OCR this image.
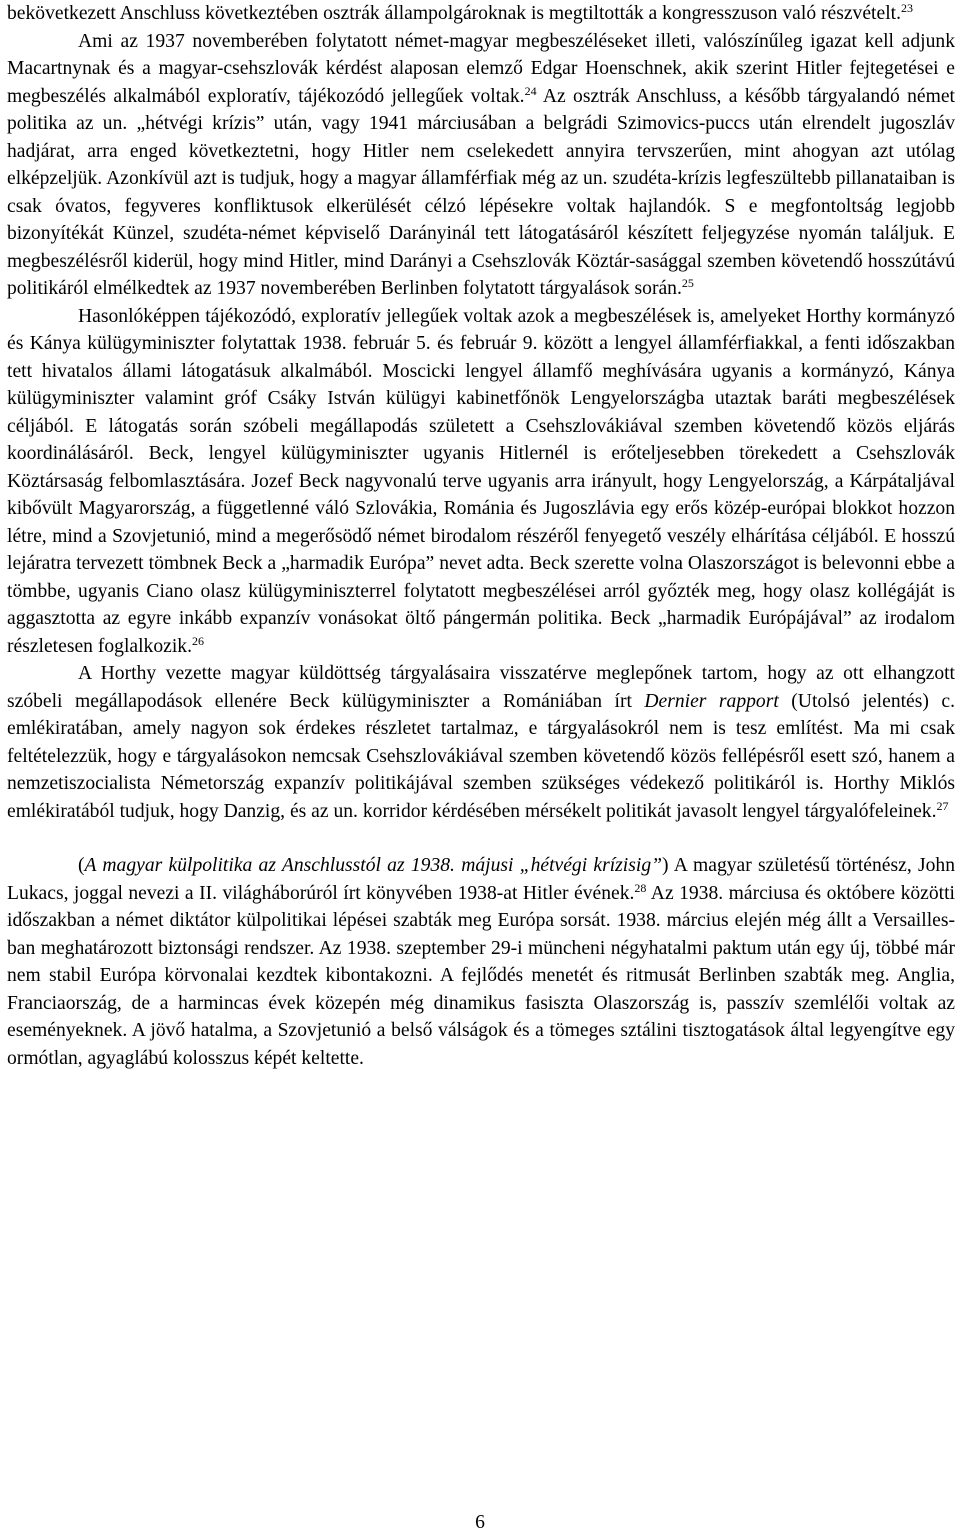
bekövetkezett Anschluss következtében osztrák állampolgároknak is megtiltották a kongresszuson való részvételt.$^{23}$

Ami az 1937 novemberében folytatott német-magyar megbeszéléseket illeti, valószínűleg igazat kell adjunk Macartnynak és a magyar-csehszlovák kérdést alaposan elemző Edgar Hoenschnek, akik szerint Hitler fejtegetései e megbeszélés alkalmából exploratív, tájékozódó jellegűek voltak.$^{24}$ Az osztrák Anschluss, a később tárgyalandó német politika az un. „hétvégi krízis” után, vagy 1941 márciusában a belgrádi Szimovics-puccs után elrendelt jugoszláv hadjárat, arra enged következtetni, hogy Hitler nem cselekedett annyira tervszerűen, mint ahogyan azt utólag elképzeljük. Azonkívül azt is tudjuk, hogy a magyar államférfiak még az un. szudéta-krízis legfeszültebb pillanataiban is csak óvatos, fegyveres konfliktusok elkerülését célzó lépésekre voltak hajlandók. S e megfontoltság legjobb bizonyítékát Künzel, szudéta-német képviselő Darányinál tett látogatásáról készített feljegyzése nyomán találjuk. E megbeszélésről kiderül, hogy mind Hitler, mind Darányi a Csehszlovák Köztár-sasággal szemben követendő hosszútávú politikáról elmélkedtek az 1937 novemberében Berlinben folytatott tárgyalások során.$^{25}$

Hasonlóképpen tájékozódó, exploratív jellegűek voltak azok a megbeszélések is, amelyeket Horthy kormányzó és Kánya külügyminiszter folytattak 1938. február 5. és február 9. között a lengyel államférfiakkal, a fenti időszakban tett hivatalos állami látogatásuk alkalmából. Moscicki lengyel államfő meghívására ugyanis a kormányzó, Kánya külügyminiszter valamint gróf Csáky István külügyi kabinetfőnök Lengyelországba utaztak baráti megbeszélések céljából. E látogatás során szóbeli megállapodás született a Csehszlovákiával szemben követendő közös eljárás koordinálásáról. Beck, lengyel külügyminiszter ugyanis Hitlernél is erőteljesebben törekedett a Csehszlovák Köztársaság felbomlasztására. Jozef Beck nagyvonalú terve ugyanis arra irányult, hogy Lengyelország, a Kárpátaljával kibővült Magyarország, a függetlenné váló Szlovákia, Románia és Jugoszlávia egy erős közép-európai blokkot hozzon létre, mind a Szovjetunió, mind a megerősödő német birodalom részéről fenyegető veszély elhárítása céljából. E hosszú lejáratra tervezett tömbnek Beck a „harmadik Európa” nevet adta. Beck szerette volna Olaszországot is belevonni ebbe a tömbbe, ugyanis Ciano olasz külügyminiszterrel folytatott megbeszélései arról győzték meg, hogy olasz kollégáját is aggasztotta az egyre inkább expanzív vonásokat öltő pángermán politika. Beck „harmadik Európájával” az irodalom részletesen foglalkozik.$^{26}$

A Horthy vezette magyar küldöttség tárgyalásaira visszatérve meglepőnek tartom, hogy az ott elhangzott szóbeli megállapodások ellenére Beck külügyminiszter a Romániában írt Dernier rapport (Utolsó jelentés) c. emlékiratában, amely nagyon sok érdekes részletet tartalmaz, e tárgyalásokról nem is tesz említést. Ma mi csak feltételezzük, hogy e tárgyalásokon nemcsak Csehszlovákiával szemben követendő közös fellépésről esett szó, hanem a nemzetiszocialista Németország expanzív politikájával szemben szükséges védekező politikáról is. Horthy Miklós emlékiratából tudjuk, hogy Danzig, és az un. korridor kérdésében mérsékelt politikát javasolt lengyel tárgyalófeleinek.$^{27}$

(A magyar külpolitika az Anschlusstól az 1938. májusi „hétvégi krízisig”) A magyar születésű történész, John Lukacs, joggal nevezi a II. világháborúról írt könyvében 1938-at Hitler évének.$^{28}$ Az 1938. márciusa és októbere közötti időszakban a német diktátor külpolitikai lépései szabták meg Európa sorsát. 1938. március elején még állt a Versailles-ban meghatározott biztonsági rendszer. Az 1938. szeptember 29-i müncheni négyhatalmi paktum után egy új, többé már nem stabil Európa körvonalai kezdtek kibontakozni. A fejlődés menetét és ritmusát Berlinben szabták meg. Anglia, Franciaország, de a harmincas évek közepén még dinamikus fasiszta Olaszország is, passzív szemlélői voltak az eseményeknek. A jövő hatalma, a Szovjetunió a belső válságok és a tömeges sztálini tisztogatások által legyengítve egy ormótlan, agyaglábú kolosszus képét keltette.

6
